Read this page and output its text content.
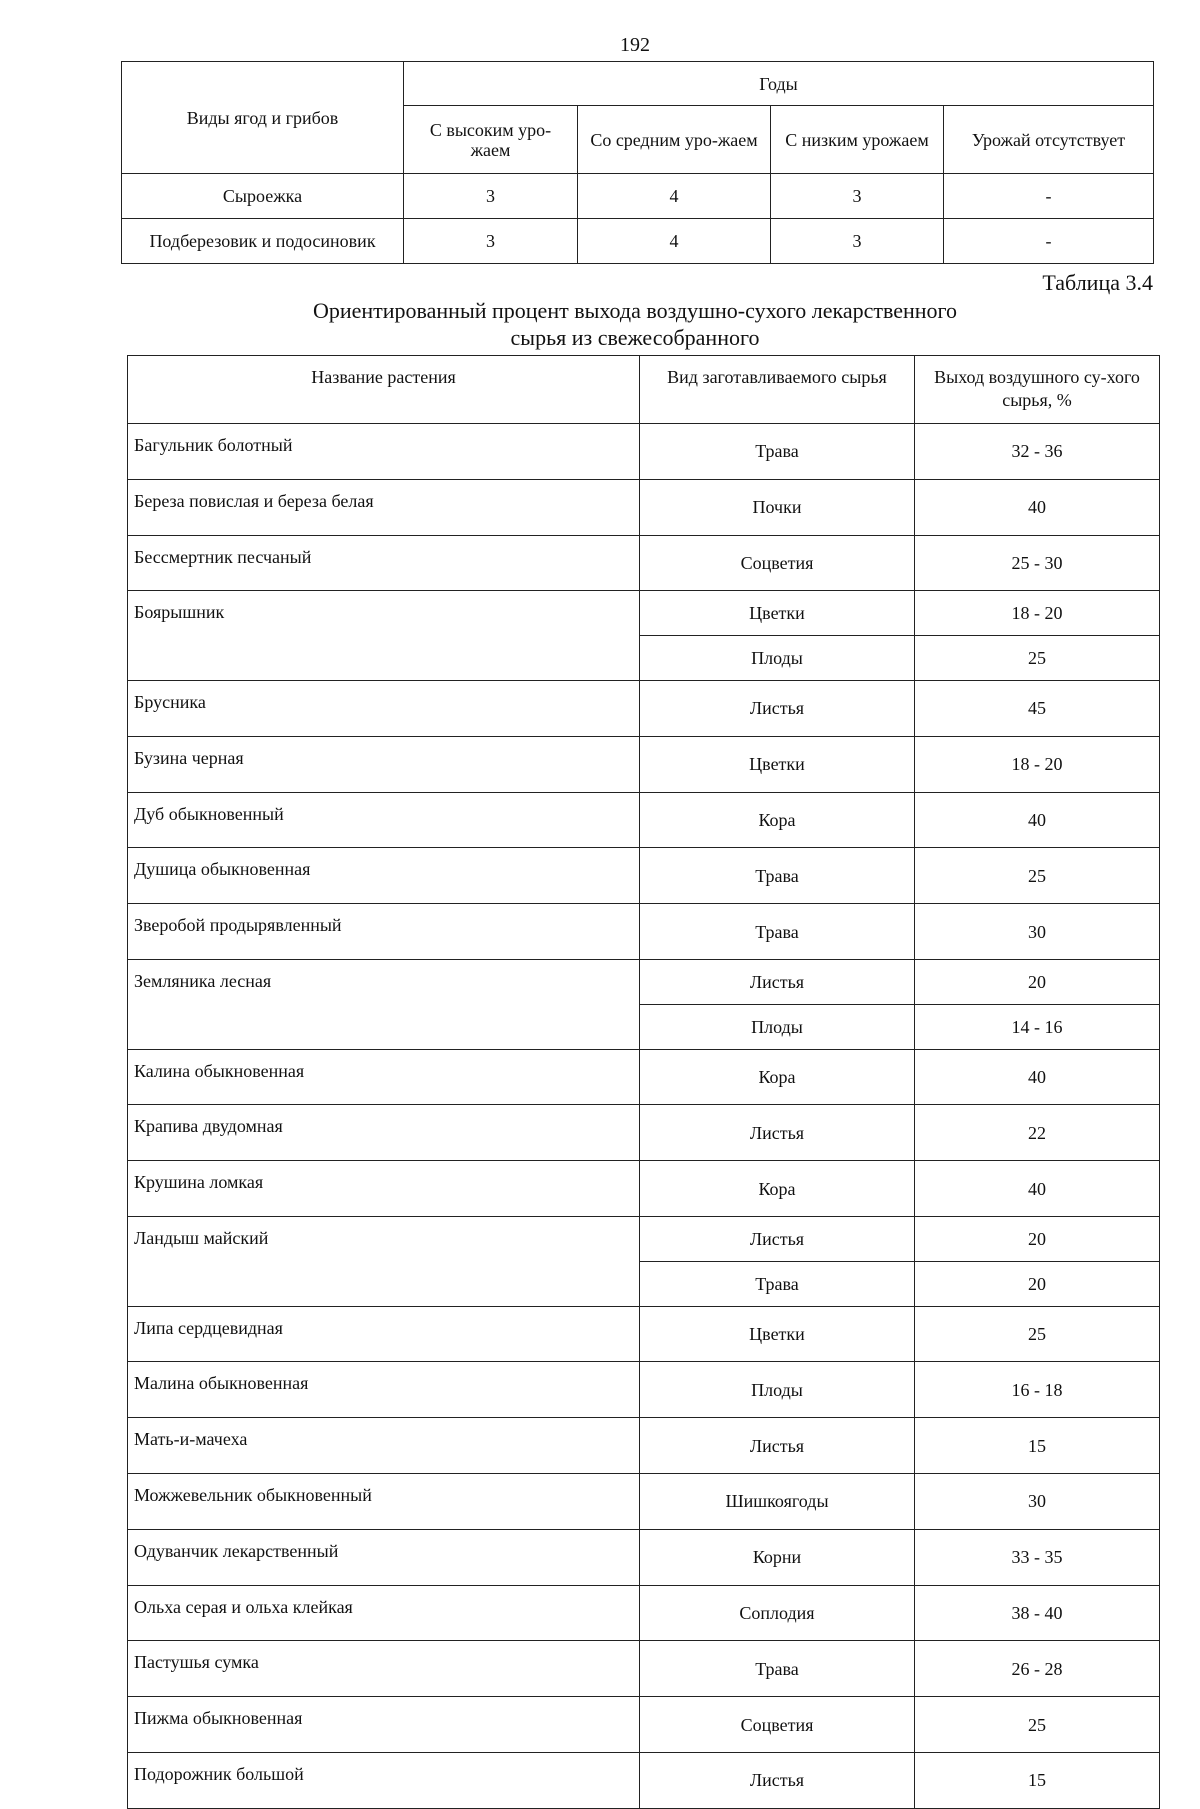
192
Виды ягод и грибов	Годы			
	С высоким уро-жаем	Со средним уро-жаем	С низким урожаем	Урожай отсутствует
Сыроежка	3	4	3	-
Подберезовик и подосиновик	3	4	3	-
Таблица 3.4
Ориентированный процент выхода воздушно-сухого лекарственного сырья из свежесобранного
Название растения	Вид заготавливаемого сырья	Выход воздушного су-хого сырья, %
Багульник болотный	Трава	32 - 36
Береза повислая и береза белая	Почки	40
Бессмертник песчаный	Соцветия	25 - 30
Боярышник	Цветки	18 - 20
	Плоды	25
Брусника	Листья	45
Бузина черная	Цветки	18 - 20
Дуб обыкновенный	Кора	40
Душица обыкновенная	Трава	25
Зверобой продырявленный	Трава	30
Земляника лесная	Листья	20
	Плоды	14 - 16
Калина обыкновенная	Кора	40
Крапива двудомная	Листья	22
Крушина ломкая	Кора	40
Ландыш майский	Листья	20
	Трава	20
Липа сердцевидная	Цветки	25
Малина обыкновенная	Плоды	16 - 18
Мать-и-мачеха	Листья	15
Можжевельник обыкновенный	Шишкоягоды	30
Одуванчик лекарственный	Корни	33 - 35
Ольха серая и ольха клейкая	Соплодия	38 - 40
Пастушья сумка	Трава	26 - 28
Пижма обыкновенная	Соцветия	25
Подорожник большой	Листья	15
